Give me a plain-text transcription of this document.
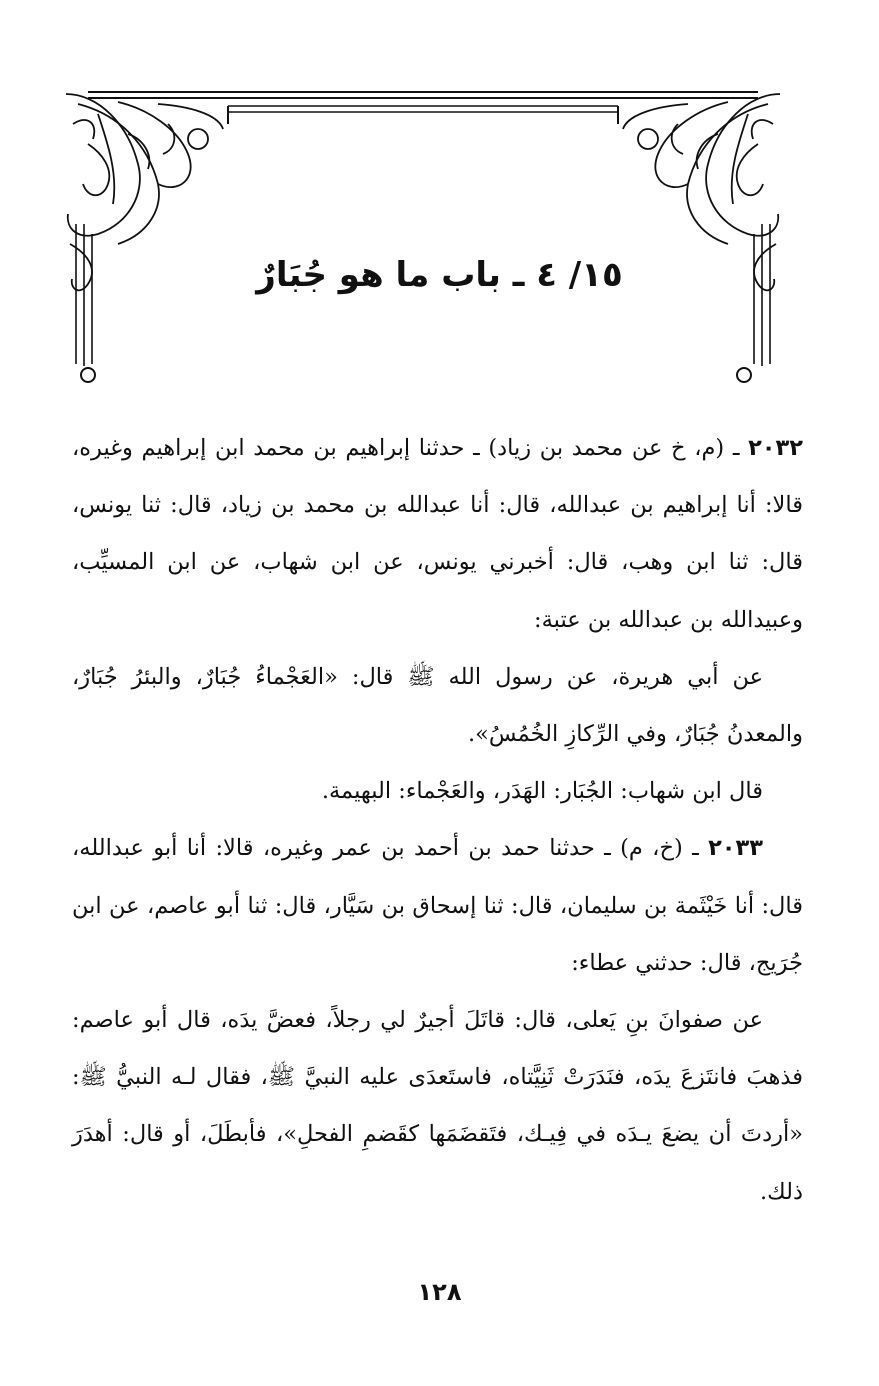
١٥/ ٤ ـ باب ما هو جُبَارٌ

٢٠٣٢ ـ (م، خ عن محمد بن زياد) ـ حدثنا إبراهيم بن محمد ابن إبراهيم وغيره، قالا: أنا إبراهيم بن عبدالله، قال: أنا عبدالله بن محمد بن زياد، قال: ثنا يونس، قال: ثنا ابن وهب، قال: أخبرني يونس، عن ابن شهاب، عن ابن المسيِّب، وعبيدالله بن عبدالله بن عتبة:

عن أبي هريرة، عن رسول الله ﷺ قال: «العَجْماءُ جُبَارٌ، والبئرُ جُبَارٌ، والمعدنُ جُبَارٌ، وفي الرِّكازِ الخُمُسُ».

قال ابن شهاب: الجُبَار: الهَدَر، والعَجْماء: البهيمة.

٢٠٣٣ ـ (خ، م) ـ حدثنا حمد بن أحمد بن عمر وغيره، قالا: أنا أبو عبدالله، قال: أنا خَيْثَمة بن سليمان، قال: ثنا إسحاق بن سَيَّار، قال: ثنا أبو عاصم، عن ابن جُرَيج، قال: حدثني عطاء:

عن صفوانَ بنِ يَعلى، قال: قاتَلَ أجيرٌ لي رجلاً، فعضَّ يدَه، قال أبو عاصم: فذهبَ فانتَزعَ يدَه، فنَدَرَتْ ثَنِيَّتاه، فاستَعدَى عليه النبيَّ ﷺ، فقال لـه النبيُّ ﷺ: «أردتَ أن يضعَ يـدَه في فِيـك، فتَقضَمَها كقَضمِ الفحلِ»، فأبطَلَ، أو قال: أهدَرَ ذلك.

١٢٨
